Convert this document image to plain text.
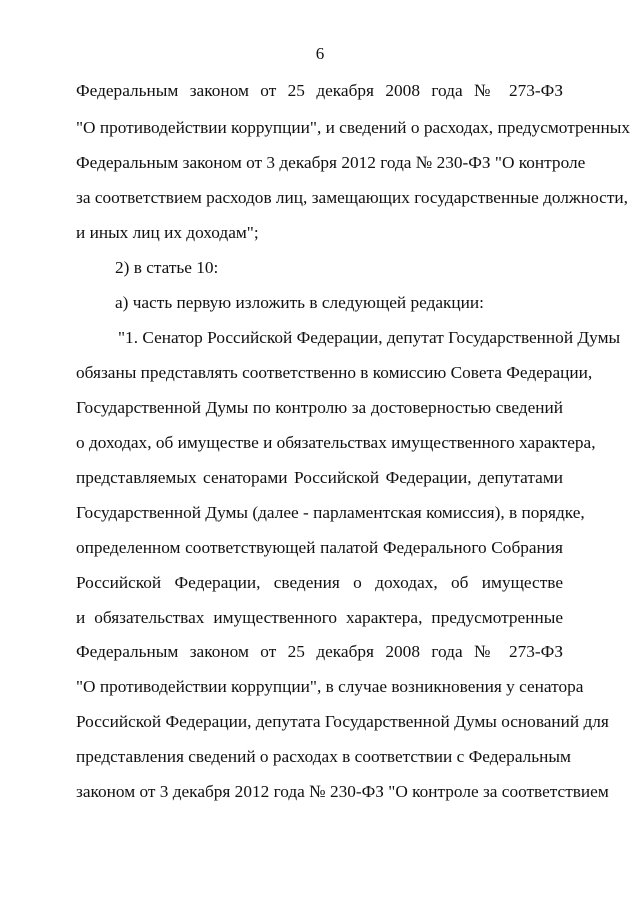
6
Федеральным законом от 25 декабря 2008 года № 273-ФЗ
"О противодействии коррупции", и сведений о расходах, предусмотренных
Федеральным законом от 3 декабря 2012 года № 230-ФЗ "О контроле
за соответствием расходов лиц, замещающих государственные должности,
и иных лиц их доходам";
2) в статье 10:
а) часть первую изложить в следующей редакции:
"1. Сенатор Российской Федерации, депутат Государственной Думы
обязаны представлять соответственно в комиссию Совета Федерации,
Государственной Думы по контролю за достоверностью сведений
о доходах, об имуществе и обязательствах имущественного характера,
представляемых сенаторами Российской Федерации, депутатами
Государственной Думы (далее - парламентская комиссия), в порядке,
определенном соответствующей палатой Федерального Собрания
Российской Федерации, сведения о доходах, об имуществе
и обязательствах имущественного характера, предусмотренные
Федеральным законом от 25 декабря 2008 года № 273-ФЗ
"О противодействии коррупции", в случае возникновения у сенатора
Российской Федерации, депутата Государственной Думы оснований для
представления сведений о расходах в соответствии с Федеральным
законом от 3 декабря 2012 года № 230-ФЗ "О контроле за соответствием
